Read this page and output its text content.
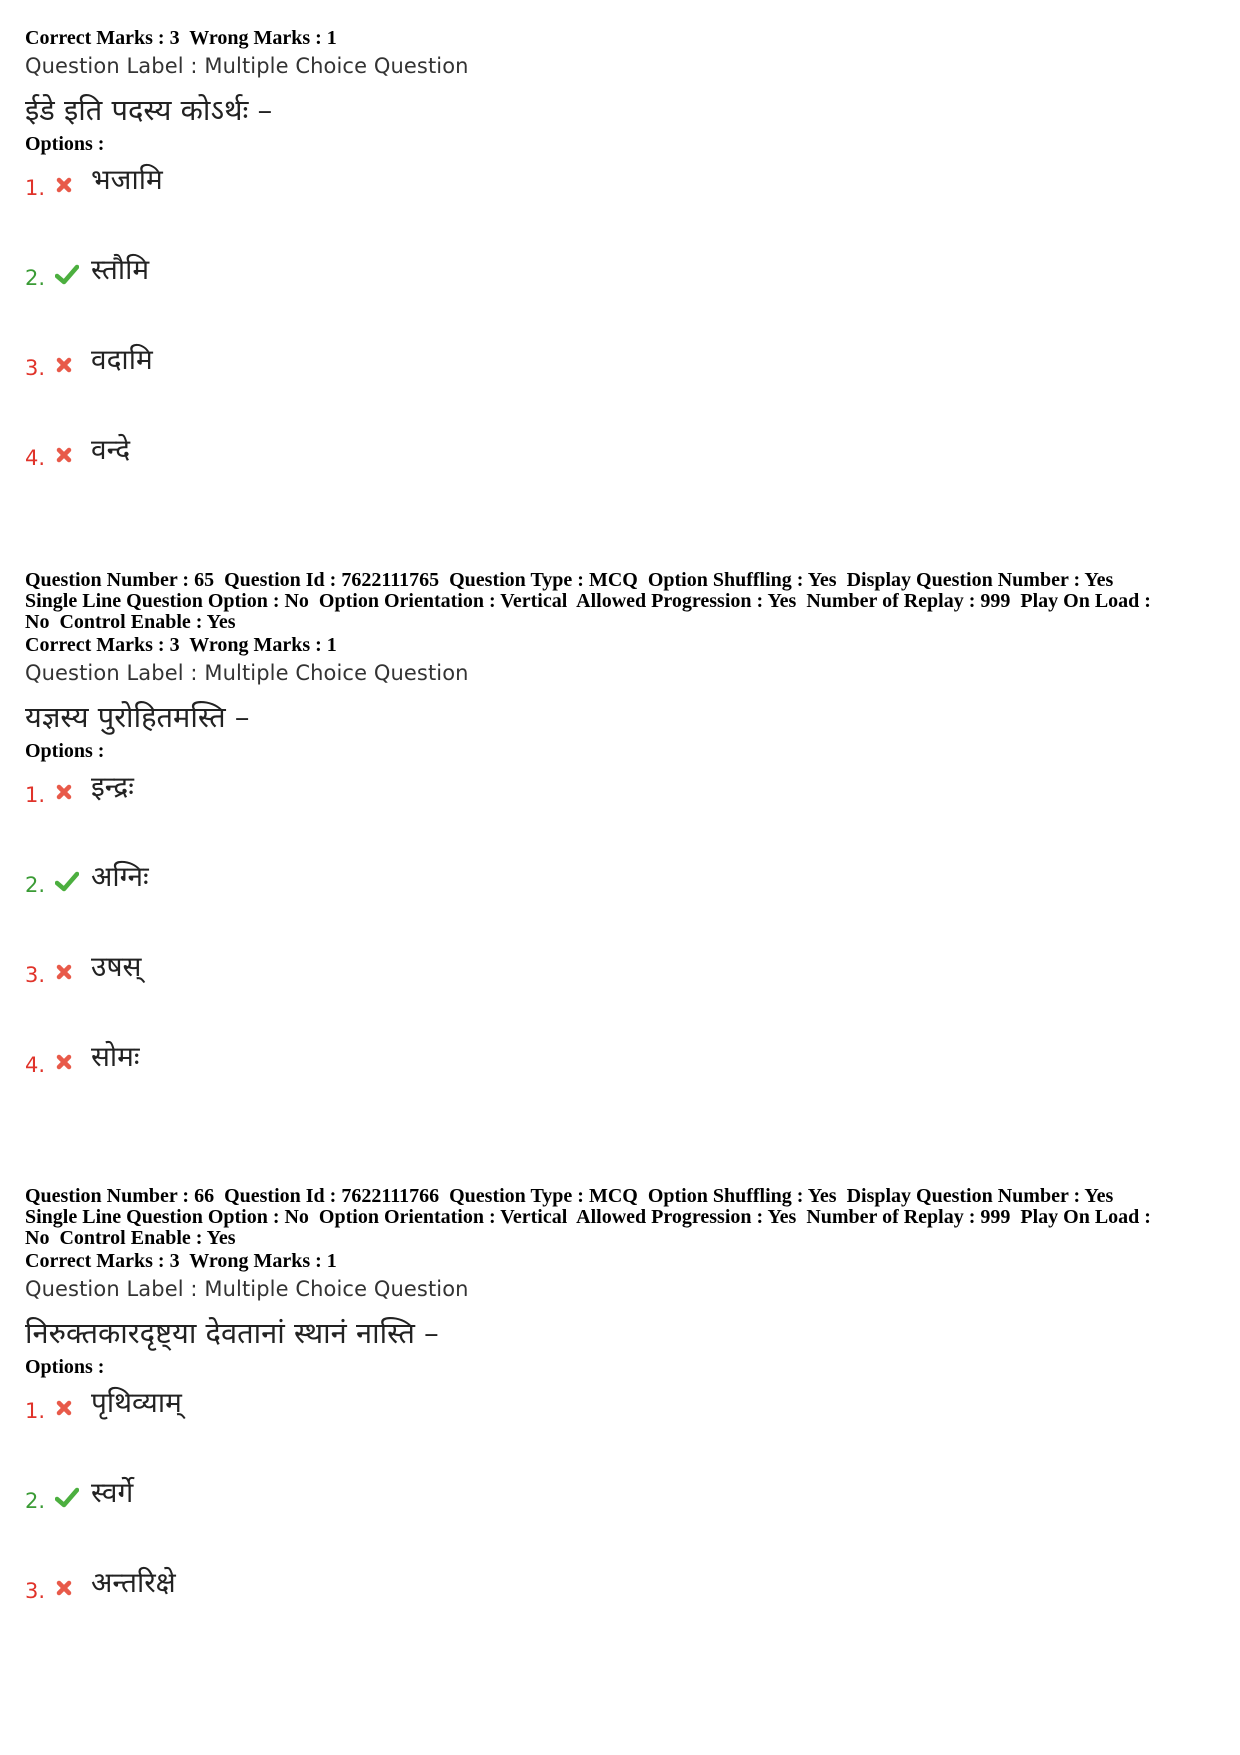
Correct Marks : 3  Wrong Marks : 1
Question Label : Multiple Choice Question
ईडे इति पदस्य कोऽर्थः –
Options :
1.	भजामि
2.	स्तौमि
3.	वदामि
4.	वन्दे
Question Number : 65  Question Id : 7622111765  Question Type : MCQ  Option Shuffling : Yes  Display Question Number : Yes
Single Line Question Option : No  Option Orientation : Vertical  Allowed Progression : Yes  Number of Replay : 999  Play On Load :
No  Control Enable : Yes
Correct Marks : 3  Wrong Marks : 1
Question Label : Multiple Choice Question
यज्ञस्य पुरोहितमस्ति –
Options :
1.	इन्द्रः
2.	अग्निः
3.	उषस्
4.	सोमः
Question Number : 66  Question Id : 7622111766  Question Type : MCQ  Option Shuffling : Yes  Display Question Number : Yes
Single Line Question Option : No  Option Orientation : Vertical  Allowed Progression : Yes  Number of Replay : 999  Play On Load :
No  Control Enable : Yes
Correct Marks : 3  Wrong Marks : 1
Question Label : Multiple Choice Question
निरुक्तकारदृष्ट्या देवतानां स्थानं नास्ति –
Options :
1.	पृथिव्याम्
2.	स्वर्गे
3.	अन्तरिक्षे
